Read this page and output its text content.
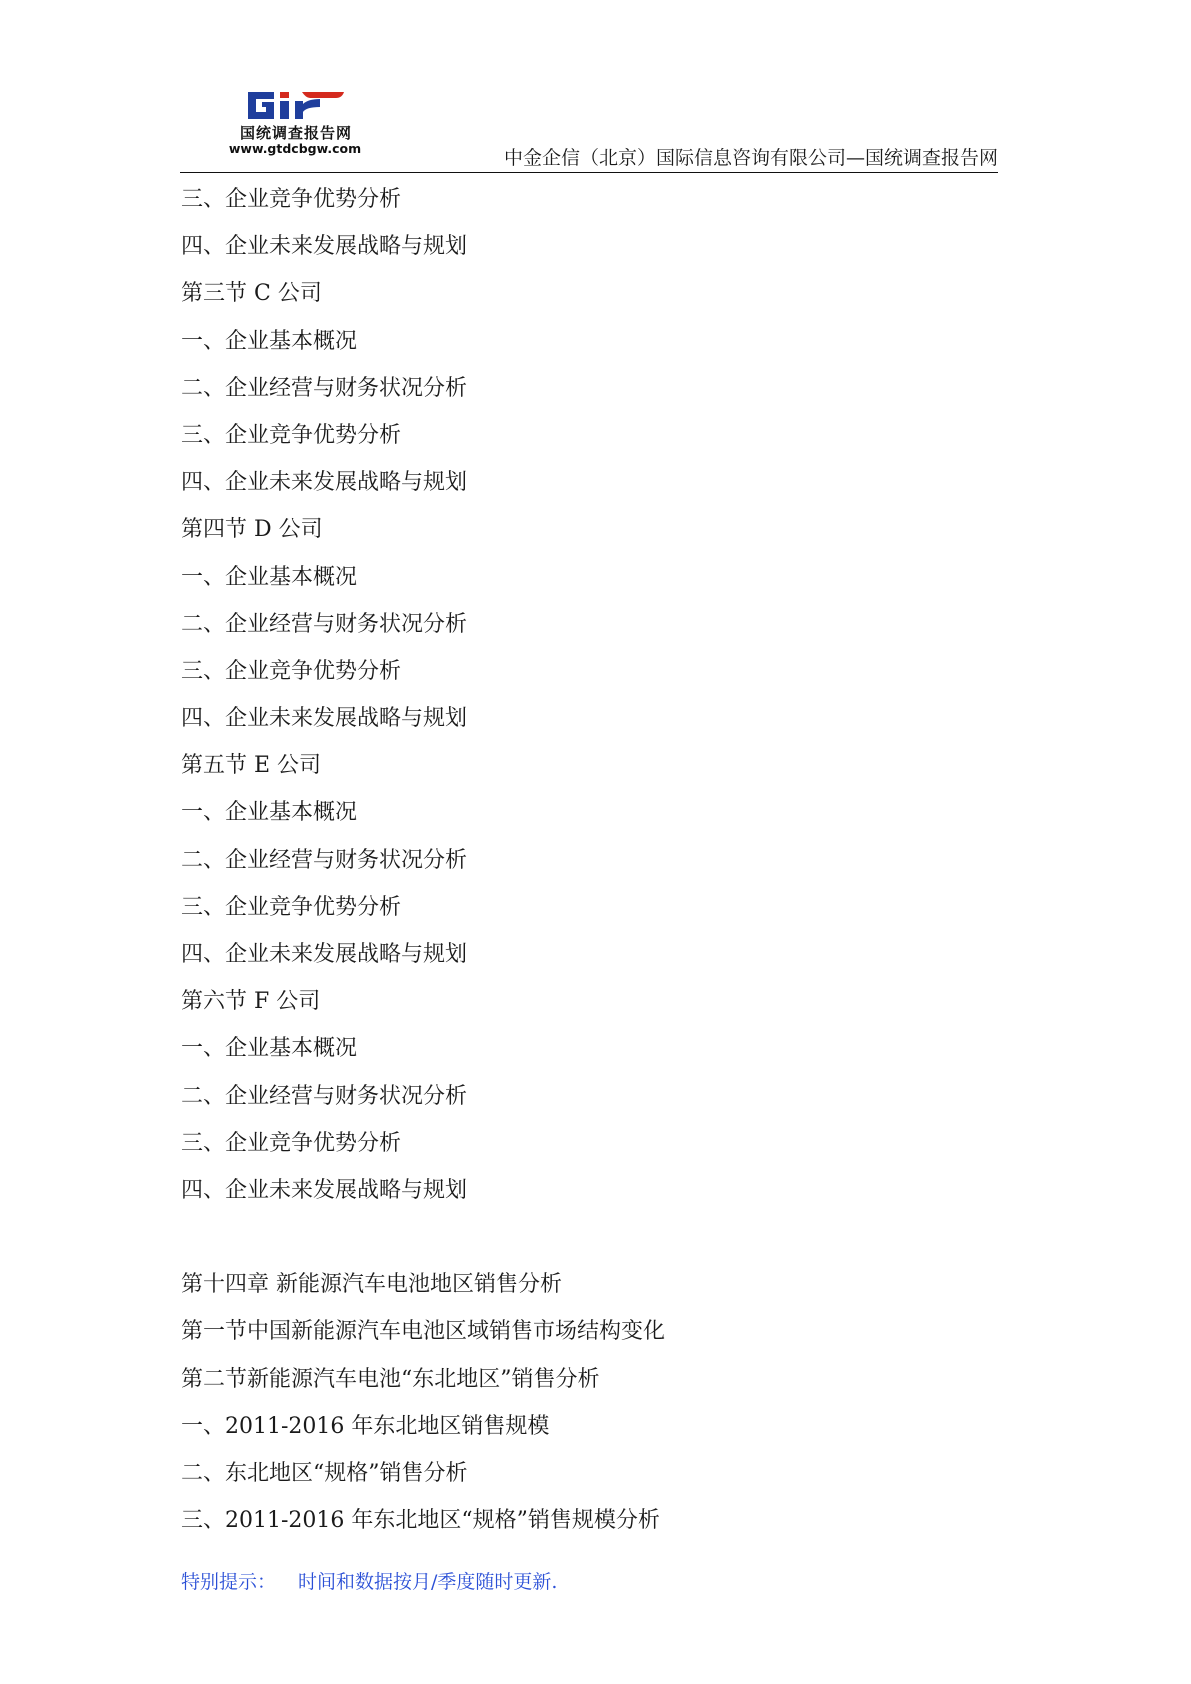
国统调查报告网
www.gtdcbgw.com	中金企信（北京）国际信息咨询有限公司—国统调查报告网
三、企业竞争优势分析
四、企业未来发展战略与规划
第三节 C 公司
一、企业基本概况
二、企业经营与财务状况分析
三、企业竞争优势分析
四、企业未来发展战略与规划
第四节 D 公司
一、企业基本概况
二、企业经营与财务状况分析
三、企业竞争优势分析
四、企业未来发展战略与规划
第五节 E 公司
一、企业基本概况
二、企业经营与财务状况分析
三、企业竞争优势分析
四、企业未来发展战略与规划
第六节 F 公司
一、企业基本概况
二、企业经营与财务状况分析
三、企业竞争优势分析
四、企业未来发展战略与规划
第十四章 新能源汽车电池地区销售分析
第一节中国新能源汽车电池区域销售市场结构变化
第二节新能源汽车电池“东北地区”销售分析
一、2011-2016 年东北地区销售规模
二、东北地区“规格”销售分析
三、2011-2016 年东北地区“规格”销售规模分析
特别提示： 时间和数据按月/季度随时更新.
